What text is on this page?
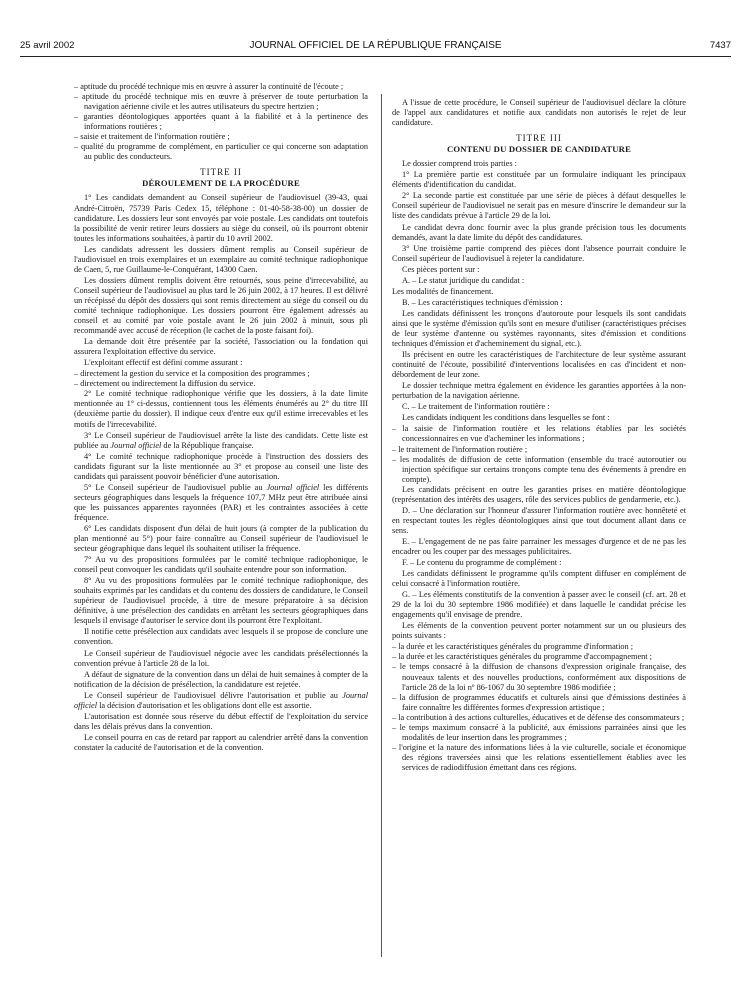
25 avril 2002	JOURNAL OFFICIEL DE LA RÉPUBLIQUE FRANÇAISE	7437
– aptitude du procédé technique mis en œuvre à assurer la continuité de l'écoute ;
– aptitude du procédé technique mis en œuvre à préserver de toute perturbation la navigation aérienne civile et les autres utilisateurs du spectre hertzien ;
– garanties déontologiques apportées quant à la fiabilité et à la pertinence des informations routières ;
– saisie et traitement de l'information routière ;
– qualité du programme de complément, en particulier ce qui concerne son adaptation au public des conducteurs.
TITRE II
DÉROULEMENT DE LA PROCÉDURE

1° Les candidats demandent au Conseil supérieur de l'audiovisuel (39-43, quai André-Citroën, 75739 Paris Cedex 15, téléphone : 01-40-58-38-00) un dossier de candidature. Les dossiers leur sont envoyés par voie postale. Les candidats ont toutefois la possibilité de venir retirer leurs dossiers au siège du conseil, où ils pourront obtenir toutes les informations souhaitées, à partir du 10 avril 2002.

Les candidats adressent les dossiers dûment remplis au Conseil supérieur de l'audiovisuel en trois exemplaires et un exemplaire au comité technique radiophonique de Caen, 5, rue Guillaume-le-Conquérant, 14300 Caen.

Les dossiers dûment remplis doivent être retournés, sous peine d'irrecevabilité, au Conseil supérieur de l'audiovisuel au plus tard le 26 juin 2002, à 17 heures. Il est délivré un récépissé du dépôt des dossiers qui sont remis directement au siège du conseil ou du comité technique radiophonique. Les dossiers pourront être également adressés au conseil et au comité par voie postale avant le 26 juin 2002 à minuit, sous pli recommandé avec accusé de réception (le cachet de la poste faisant foi).

La demande doit être présentée par la société, l'association ou la fondation qui assurera l'exploitation effective du service.

L'exploitant effectif est défini comme assurant :

– directement la gestion du service et la composition des programmes ;
– directement ou indirectement la diffusion du service.

2° Le comité technique radiophonique vérifie que les dossiers, à la date limite mentionnée au 1° ci-dessus, contiennent tous les éléments énumérés au 2° du titre III (deuxième partie du dossier). Il indique ceux d'entre eux qu'il estime irrecevables et les motifs de l'irrecevabilité.

3° Le Conseil supérieur de l'audiovisuel arrête la liste des candidats. Cette liste est publiée au Journal officiel de la République française.

4° Le comité technique radiophonique procède à l'instruction des dossiers des candidats figurant sur la liste mentionnée au 3° et propose au conseil une liste des candidats qui paraissent pouvoir bénéficier d'une autorisation.

5° Le Conseil supérieur de l'audiovisuel publie au Journal officiel les différents secteurs géographiques dans lesquels la fréquence 107,7 MHz peut être attribuée ainsi que les puissances apparentes rayonnées (PAR) et les contraintes associées à cette fréquence.

6° Les candidats disposent d'un délai de huit jours (à compter de la publication du plan mentionné au 5°) pour faire connaître au Conseil supérieur de l'audiovisuel le secteur géographique dans lequel ils souhaitent utiliser la fréquence.

7° Au vu des propositions formulées par le comité technique radiophonique, le conseil peut convoquer les candidats qu'il souhaite entendre pour son information.

8° Au vu des propositions formulées par le comité technique radiophonique, des souhaits exprimés par les candidats et du contenu des dossiers de candidature, le Conseil supérieur de l'audiovisuel procède, à titre de mesure préparatoire à sa décision définitive, à une présélection des candidats en arrêtant les secteurs géographiques dans lesquels il envisage d'autoriser le service dont ils pourront être l'exploitant.

Il notifie cette présélection aux candidats avec lesquels il se propose de conclure une convention.

Le Conseil supérieur de l'audiovisuel négocie avec les candidats présélectionnés la convention prévue à l'article 28 de la loi.

A défaut de signature de la convention dans un délai de huit semaines à compter de la notification de la décision de présélection, la candidature est rejetée.

Le Conseil supérieur de l'audiovisuel délivre l'autorisation et publie au Journal officiel la décision d'autorisation et les obligations dont elle est assortie.

L'autorisation est donnée sous réserve du début effectif de l'exploitation du service dans les délais prévus dans la convention.

Le conseil pourra en cas de retard par rapport au calendrier arrêté dans la convention constater la caducité de l'autorisation et de la convention.

A l'issue de cette procédure, le Conseil supérieur de l'audiovisuel déclare la clôture de l'appel aux candidatures et notifie aux candidats non autorisés le rejet de leur candidature.

TITRE III
CONTENU DU DOSSIER DE CANDIDATURE

Le dossier comprend trois parties :

1° La première partie est constituée par un formulaire indiquant les principaux éléments d'identification du candidat.

2° La seconde partie est constituée par une série de pièces à défaut desquelles le Conseil supérieur de l'audiovisuel ne serait pas en mesure d'inscrire le demandeur sur la liste des candidats prévue à l'article 29 de la loi.

Le candidat devra donc fournir avec la plus grande précision tous les documents demandés, avant la date limite du dépôt des candidatures.

3° Une troisième partie comprend des pièces dont l'absence pourrait conduire le Conseil supérieur de l'audiovisuel à rejeter la candidature.

Ces pièces portent sur :

A. – Le statut juridique du candidat :

Les modalités de financement.

B. – Les caractéristiques techniques d'émission :

Les candidats définissent les tronçons d'autoroute pour lesquels ils sont candidats ainsi que le système d'émission qu'ils sont en mesure d'utiliser (caractéristiques précises de leur système d'antenne ou systèmes rayonnants, sites d'émission et conditions techniques d'émission et d'acheminement du signal, etc.).

Ils précisent en outre les caractéristiques de l'architecture de leur système assurant continuité de l'écoute, possibilité d'interventions localisées en cas d'incident et non-débordement de leur zone.

Le dossier technique mettra également en évidence les garanties apportées à la non-perturbation de la navigation aérienne.

C. – Le traitement de l'information routière :

Les candidats indiquent les conditions dans lesquelles se font :

– la saisie de l'information routière et les relations établies par les sociétés concessionnaires en vue d'acheminer les informations ;
– le traitement de l'information routière ;
– les modalités de diffusion de cette information (ensemble du tracé autoroutier ou injection spécifique sur certains tronçons compte tenu des événements à prendre en compte).

Les candidats précisent en outre les garanties prises en matière déontologique (représentation des intérêts des usagers, rôle des services publics de gendarmerie, etc.).

D. – Une déclaration sur l'honneur d'assurer l'information routière avec honnêteté et en respectant toutes les règles déontologiques ainsi que tout document allant dans ce sens.

E. – L'engagement de ne pas faire parrainer les messages d'urgence et de ne pas les encadrer ou les couper par des messages publicitaires.

F. – Le contenu du programme de complément :

Les candidats définissent le programme qu'ils comptent diffuser en complément de celui consacré à l'information routière.

G. – Les éléments constitutifs de la convention à passer avec le conseil (cf. art. 28 et 29 de la loi du 30 septembre 1986 modifiée) et dans laquelle le candidat précise les engagements qu'il envisage de prendre.

Les éléments de la convention peuvent porter notamment sur un ou plusieurs des points suivants :

– la durée et les caractéristiques générales du programme d'information ;
– la durée et les caractéristiques générales du programme d'accompagnement ;
– le temps consacré à la diffusion de chansons d'expression originale française, des nouveaux talents et des nouvelles productions, conformément aux dispositions de l'article 28 de la loi nº 86-1067 du 30 septembre 1986 modifiée ;
– la diffusion de programmes éducatifs et culturels ainsi que d'émissions destinées à faire connaître les différentes formes d'expression artistique ;
– la contribution à des actions culturelles, éducatives et de défense des consommateurs ;
– le temps maximum consacré à la publicité, aux émissions parrainées ainsi que les modalités de leur insertion dans les programmes ;
– l'origine et la nature des informations liées à la vie culturelle, sociale et économique des régions traversées ainsi que les relations essentiellement établies avec les services de radiodiffusion émettant dans ces régions.
